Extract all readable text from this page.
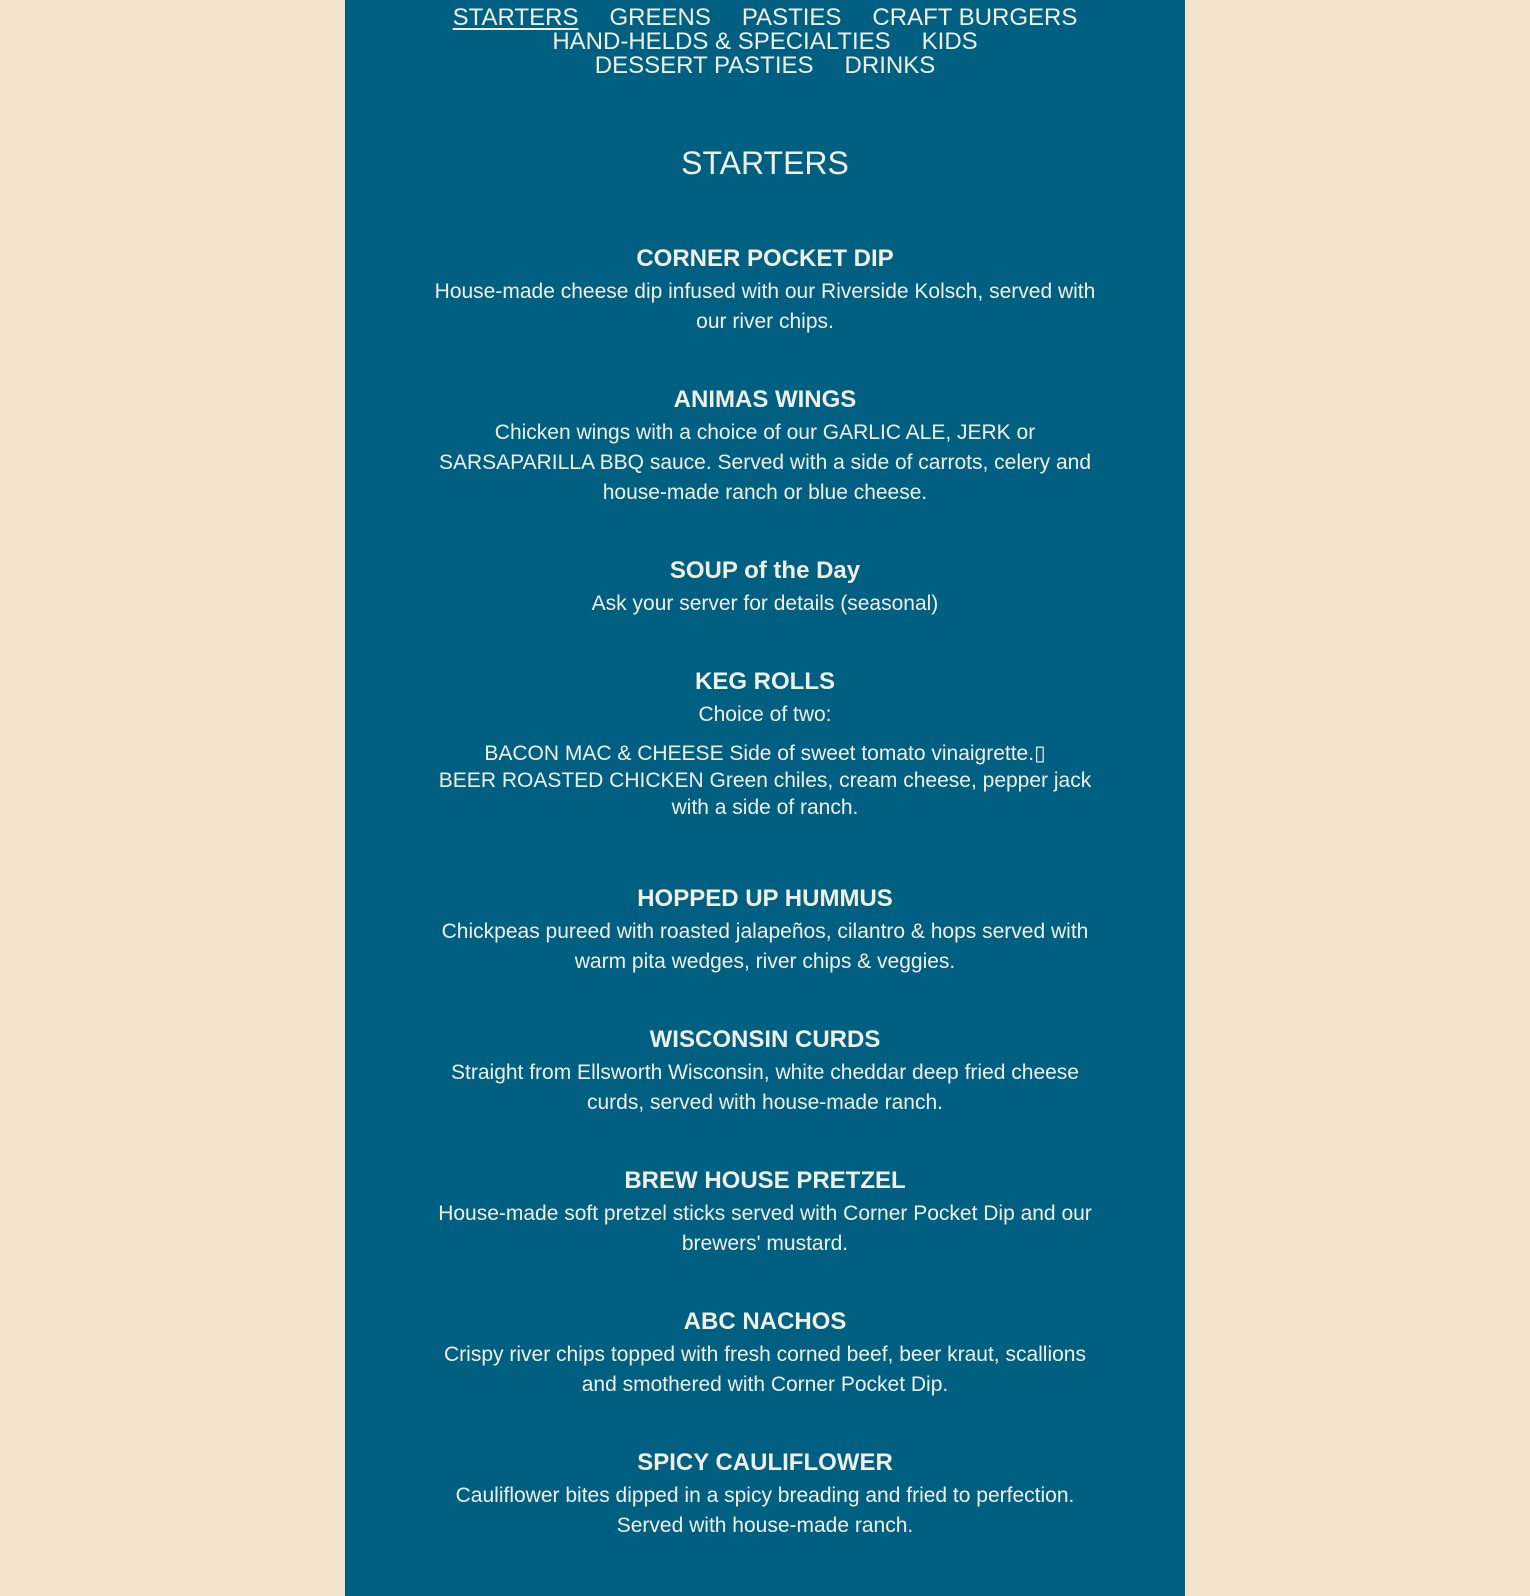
STARTERS GREENS PASTIES CRAFT BURGERS
HAND-HELDS & SPECIALTIES KIDS
DESSERT PASTIES DRINKS
STARTERS
CORNER POCKET DIP

House-made cheese dip infused with our Riverside Kolsch, served with our river chips.

ANIMAS WINGS

Chicken wings with a choice of our GARLIC ALE, JERK or SARSAPARILLA BBQ sauce. Served with a side of carrots, celery and house-made ranch or blue cheese.

SOUP of the Day

Ask your server for details (seasonal)

KEG ROLLS

Choice of two:

BACON MAC & CHEESE Side of sweet tomato vinaigrette.▯
BEER ROASTED CHICKEN Green chiles, cream cheese, pepper jack with a side of ranch.
HOPPED UP HUMMUS

Chickpeas pureed with roasted jalapeños, cilantro & hops served with warm pita wedges, river chips & veggies.

WISCONSIN CURDS

Straight from Ellsworth Wisconsin, white cheddar deep fried cheese curds, served with house-made ranch.

BREW HOUSE PRETZEL

House-made soft pretzel sticks served with Corner Pocket Dip and our brewers' mustard.

ABC NACHOS

Crispy river chips topped with fresh corned beef, beer kraut, scallions and smothered with Corner Pocket Dip.

SPICY CAULIFLOWER

Cauliflower bites dipped in a spicy breading and fried to perfection. Served with house-made ranch.
